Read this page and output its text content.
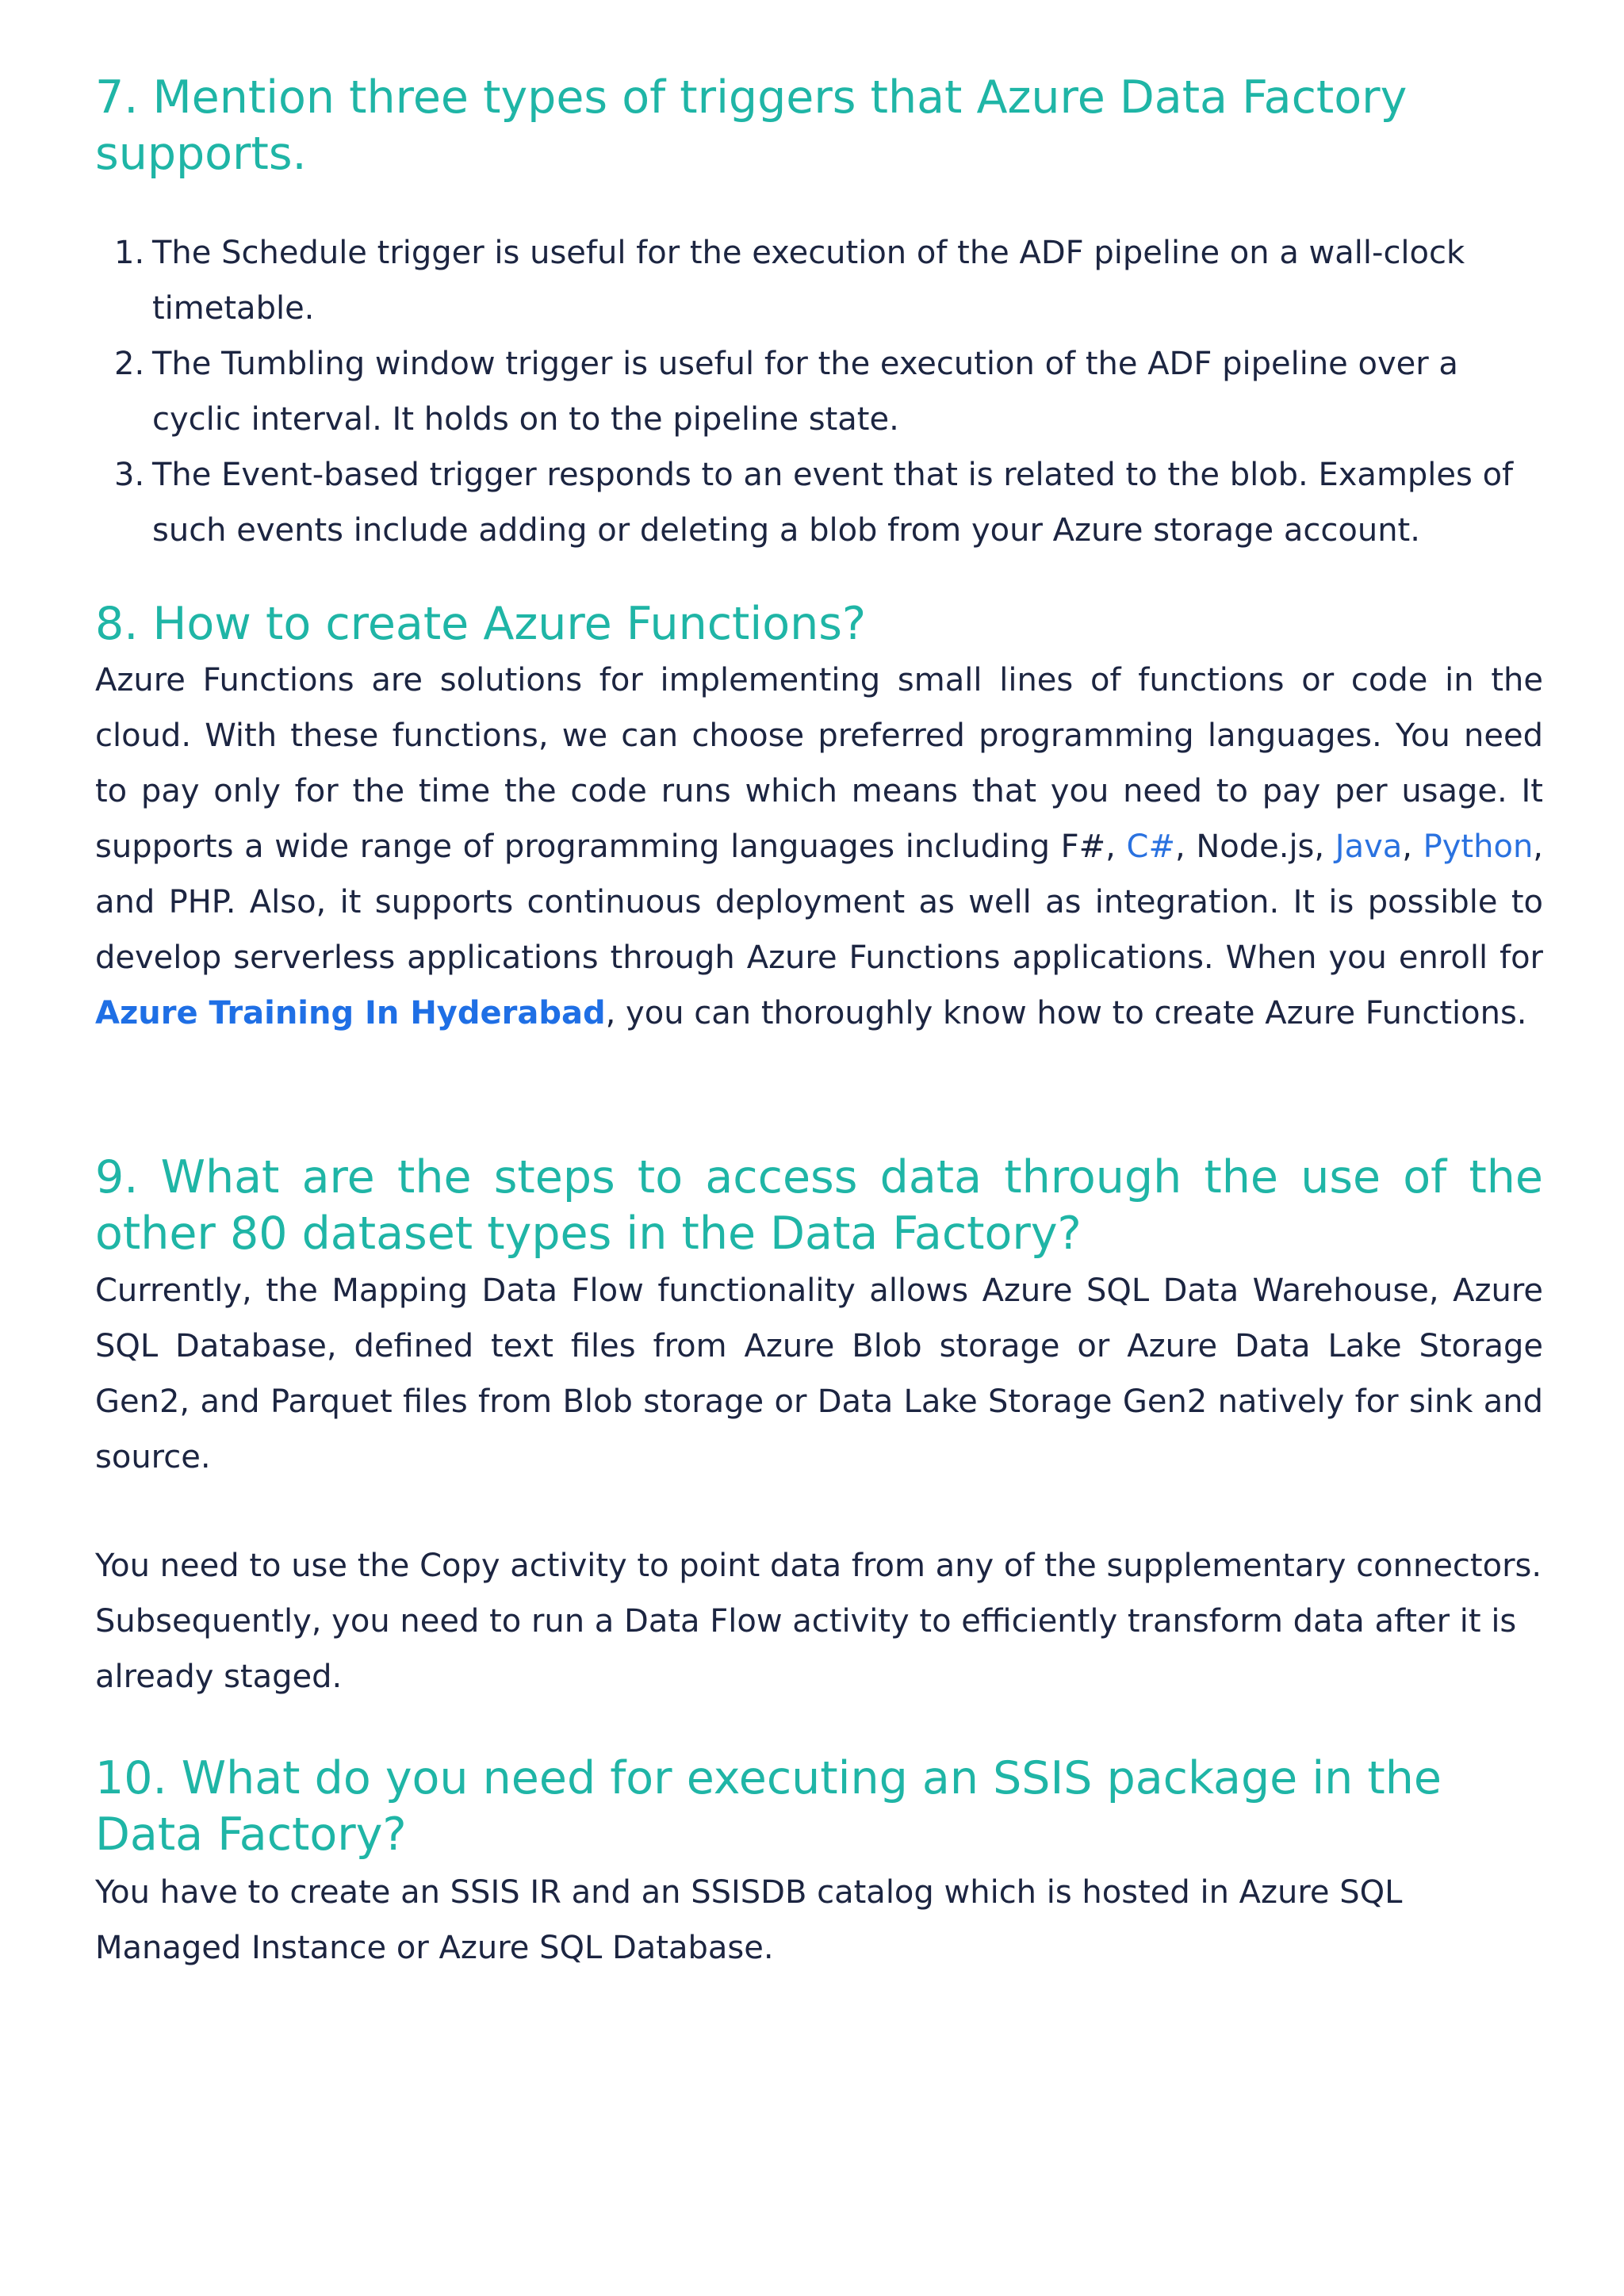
7. Mention three types of triggers that Azure Data Factory supports.
1. The Schedule trigger is useful for the execution of the ADF pipeline on a wall-clock timetable.
2. The Tumbling window trigger is useful for the execution of the ADF pipeline over a cyclic interval. It holds on to the pipeline state.
3. The Event-based trigger responds to an event that is related to the blob. Examples of such events include adding or deleting a blob from your Azure storage account.
8. How to create Azure Functions?

Azure Functions are solutions for implementing small lines of functions or code in the cloud. With these functions, we can choose preferred programming languages. You need to pay only for the time the code runs which means that you need to pay per usage. It supports a wide range of programming languages including F#, C#, Node.js, Java, Python, and PHP. Also, it supports continuous deployment as well as integration. It is possible to develop serverless applications through Azure Functions applications. When you enroll for Azure Training In Hyderabad, you can thoroughly know how to create Azure Functions.

9. What are the steps to access data through the use of the other 80 dataset types in the Data Factory?

Currently, the Mapping Data Flow functionality allows Azure SQL Data Warehouse, Azure SQL Database, defined text files from Azure Blob storage or Azure Data Lake Storage Gen2, and Parquet files from Blob storage or Data Lake Storage Gen2 natively for sink and source.

You need to use the Copy activity to point data from any of the supplementary connectors. Subsequently, you need to run a Data Flow activity to efficiently transform data after it is already staged.

10. What do you need for executing an SSIS package in the Data Factory?

You have to create an SSIS IR and an SSISDB catalog which is hosted in Azure SQL Managed Instance or Azure SQL Database.
